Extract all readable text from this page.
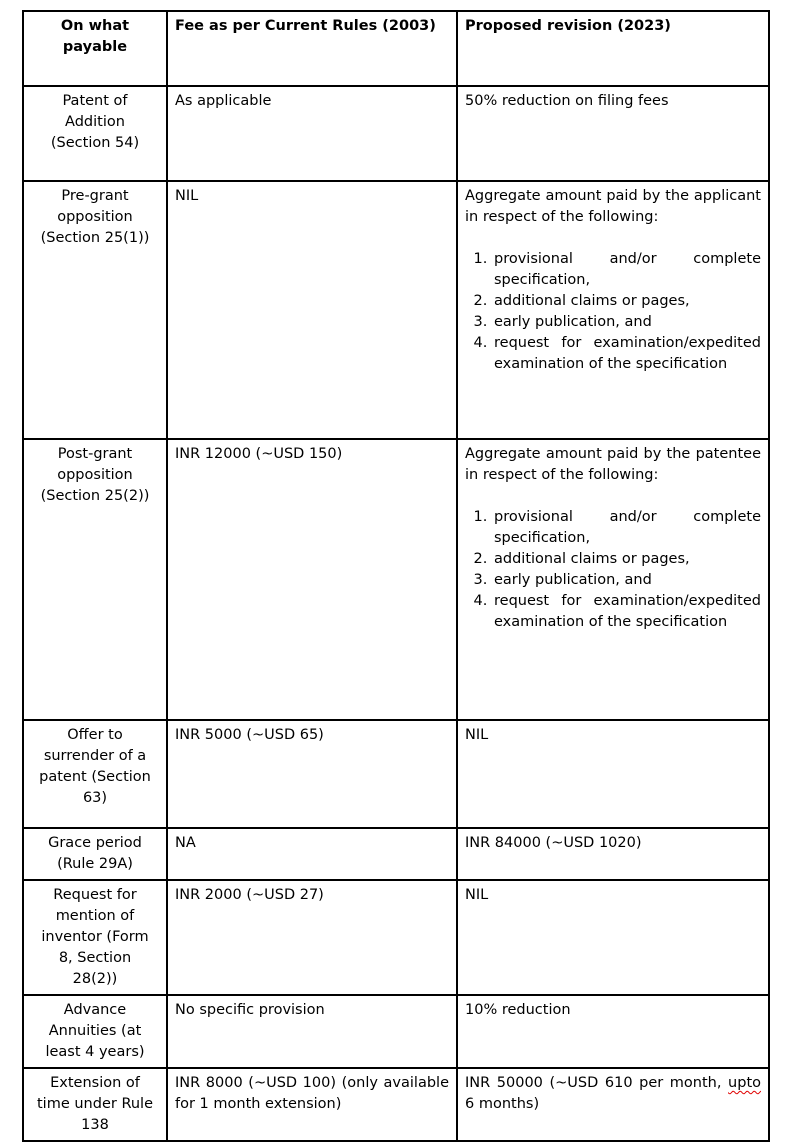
On what payable	Fee as per Current Rules (2003)	Proposed revision (2023)
Patent of Addition (Section 54)	As applicable	50% reduction on filing fees
Pre-grant opposition (Section 25(1))	NIL	Aggregate amount paid by the applicant in respect of the following:

1. provisional and/or complete specification,
2. additional claims or pages,
3. early publication, and
4. request for examination/expedited examination of the specification

Post-grant opposition (Section 25(2))	INR 12000 (~USD 150)	Aggregate amount paid by the patentee in respect of the following:

1. provisional and/or complete specification,
2. additional claims or pages,
3. early publication, and
4. request for examination/expedited examination of the specification

Offer to surrender of a patent (Section 63)	INR 5000 (~USD 65)	NIL
Grace period (Rule 29A)	NA	INR 84000 (~USD 1020)
Request for mention of inventor (Form 8, Section 28(2))	INR 2000 (~USD 27)	NIL
Advance Annuities (at least 4 years)	No specific provision	10% reduction
Extension of time under Rule 138	INR 8000 (~USD 100) (only available for 1 month extension)	INR 50000 (~USD 610 per month, upto 6 months)
